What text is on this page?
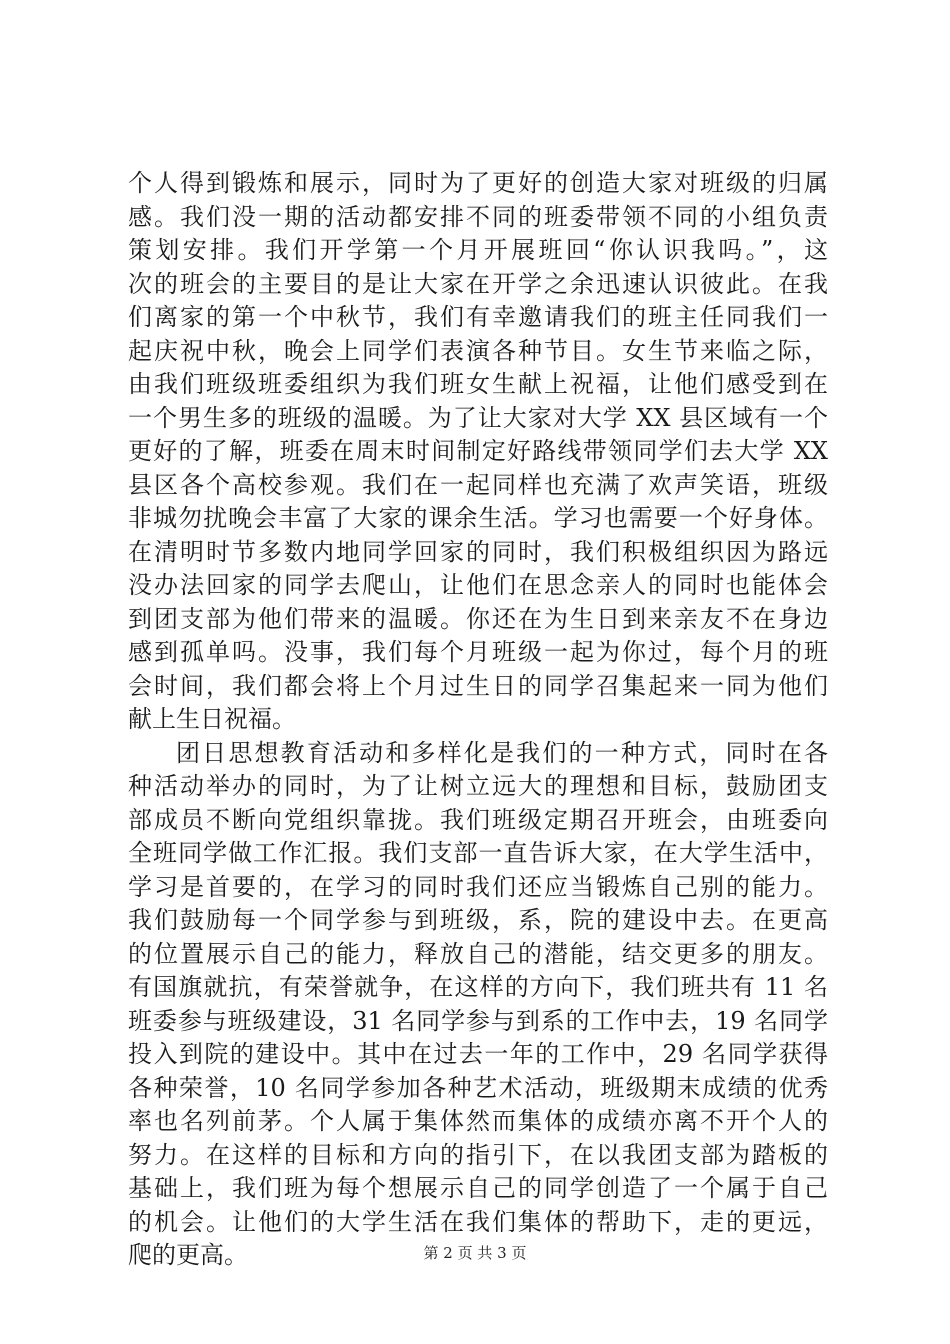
个人得到锻炼和展示，同时为了更好的创造大家对班级的归属
感。我们没一期的活动都安排不同的班委带领不同的小组负责
策划安排。我们开学第一个月开展班回“你认识我吗。”，这
次的班会的主要目的是让大家在开学之余迅速认识彼此。在我
们离家的第一个中秋节，我们有幸邀请我们的班主任同我们一
起庆祝中秋，晚会上同学们表演各种节目。女生节来临之际，
由我们班级班委组织为我们班女生献上祝福，让他们感受到在
一个男生多的班级的温暖。为了让大家对大学 XX 县区域有一个
更好的了解，班委在周末时间制定好路线带领同学们去大学 XX
县区各个高校参观。我们在一起同样也充满了欢声笑语，班级
非城勿扰晚会丰富了大家的课余生活。学习也需要一个好身体。
在清明时节多数内地同学回家的同时，我们积极组织因为路远
没办法回家的同学去爬山，让他们在思念亲人的同时也能体会
到团支部为他们带来的温暖。你还在为生日到来亲友不在身边
感到孤单吗。没事，我们每个月班级一起为你过，每个月的班
会时间，我们都会将上个月过生日的同学召集起来一同为他们
献上生日祝福。
团日思想教育活动和多样化是我们的一种方式，同时在各
种活动举办的同时，为了让树立远大的理想和目标，鼓励团支
部成员不断向党组织靠拢。我们班级定期召开班会，由班委向
全班同学做工作汇报。我们支部一直告诉大家，在大学生活中，
学习是首要的，在学习的同时我们还应当锻炼自己别的能力。
我们鼓励每一个同学参与到班级，系，院的建设中去。在更高
的位置展示自己的能力，释放自己的潜能，结交更多的朋友。
有国旗就抗，有荣誉就争，在这样的方向下，我们班共有 11 名
班委参与班级建设，31 名同学参与到系的工作中去，19 名同学
投入到院的建设中。其中在过去一年的工作中，29 名同学获得
各种荣誉，10 名同学参加各种艺术活动，班级期末成绩的优秀
率也名列前茅。个人属于集体然而集体的成绩亦离不开个人的
努力。在这样的目标和方向的指引下，在以我团支部为踏板的
基础上，我们班为每个想展示自己的同学创造了一个属于自己
的机会。让他们的大学生活在我们集体的帮助下，走的更远，
爬的更高。	第 2 页 共 3 页
